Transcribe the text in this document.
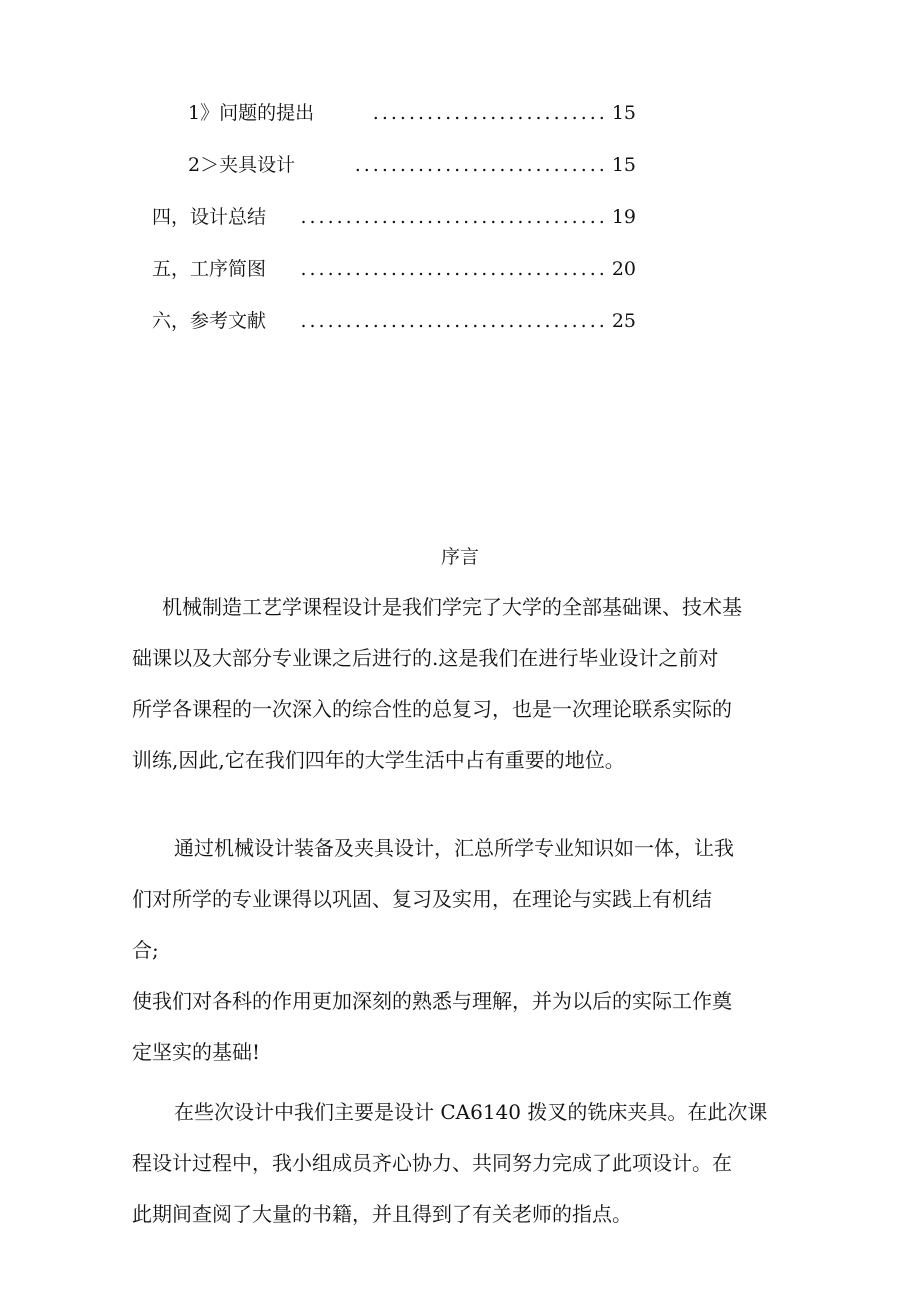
1》问题的提出	.......................... 15
2＞夹具设计	............................ 15
四，设计总结	.................................. 19
五，工序简图	.................................. 20
六，参考文献	.................................. 25
序言
机械制造工艺学课程设计是我们学完了大学的全部基础课、技术基
础课以及大部分专业课之后进行的.这是我们在进行毕业设计之前对
所学各课程的一次深入的综合性的总复习，也是一次理论联系实际的
训练,因此,它在我们四年的大学生活中占有重要的地位。
通过机械设计装备及夹具设计，汇总所学专业知识如一体，让我
们对所学的专业课得以巩固、复习及实用，在理论与实践上有机结
合;
使我们对各科的作用更加深刻的熟悉与理解，并为以后的实际工作奠
定坚实的基础!
在些次设计中我们主要是设计 CA6140 拨叉的铣床夹具。在此次课
程设计过程中，我小组成员齐心协力、共同努力完成了此项设计。在
此期间查阅了大量的书籍，并且得到了有关老师的指点。
